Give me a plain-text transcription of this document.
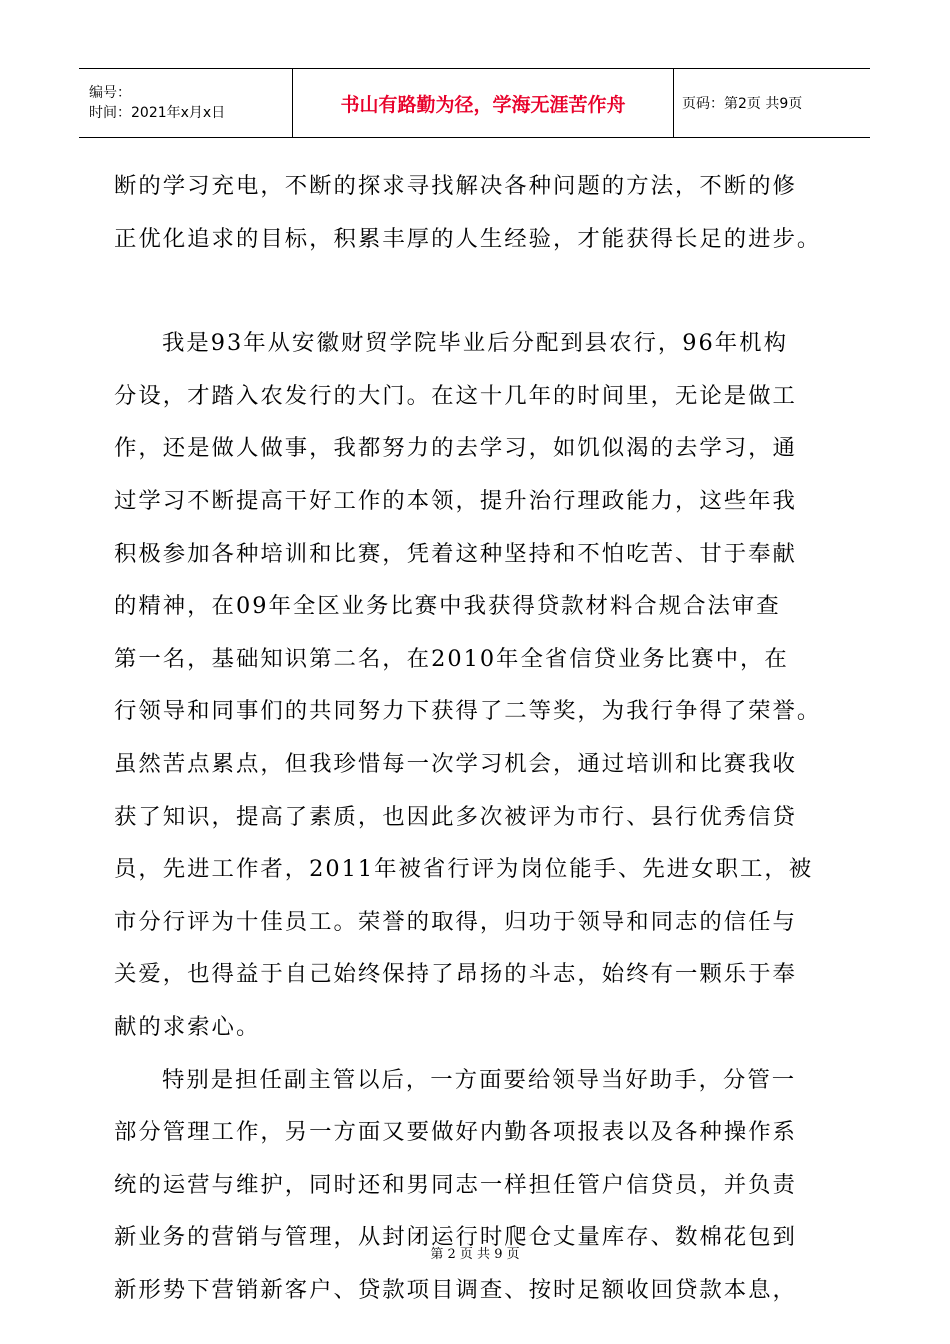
编号：
时间：2021年x月x日	书山有路勤为径，学海无涯苦作舟	页码：第2页 共9页

断的学习充电，不断的探求寻找解决各种问题的方法，不断的修
正优化追求的目标，积累丰厚的人生经验，才能获得长足的进步。

我是93年从安徽财贸学院毕业后分配到县农行，96年机构
分设，才踏入农发行的大门。在这十几年的时间里，无论是做工
作，还是做人做事，我都努力的去学习，如饥似渴的去学习，通
过学习不断提高干好工作的本领，提升治行理政能力，这些年我
积极参加各种培训和比赛，凭着这种坚持和不怕吃苦、甘于奉献
的精神，在09年全区业务比赛中我获得贷款材料合规合法审查
第一名，基础知识第二名，在2010年全省信贷业务比赛中，在
行领导和同事们的共同努力下获得了二等奖，为我行争得了荣誉。
虽然苦点累点，但我珍惜每一次学习机会，通过培训和比赛我收
获了知识，提高了素质，也因此多次被评为市行、县行优秀信贷
员，先进工作者，2011年被省行评为岗位能手、先进女职工，被
市分行评为十佳员工。荣誉的取得，归功于领导和同志的信任与
关爱，也得益于自己始终保持了昂扬的斗志，始终有一颗乐于奉
献的求索心。

特别是担任副主管以后，一方面要给领导当好助手，分管一
部分管理工作，另一方面又要做好内勤各项报表以及各种操作系
统的运营与维护，同时还和男同志一样担任管户信贷员，并负责
新业务的营销与管理，从封闭运行时爬仓丈量库存、数棉花包到
新形势下营销新客户、贷款项目调查、按时足额收回贷款本息，

第 2 页 共 9 页
